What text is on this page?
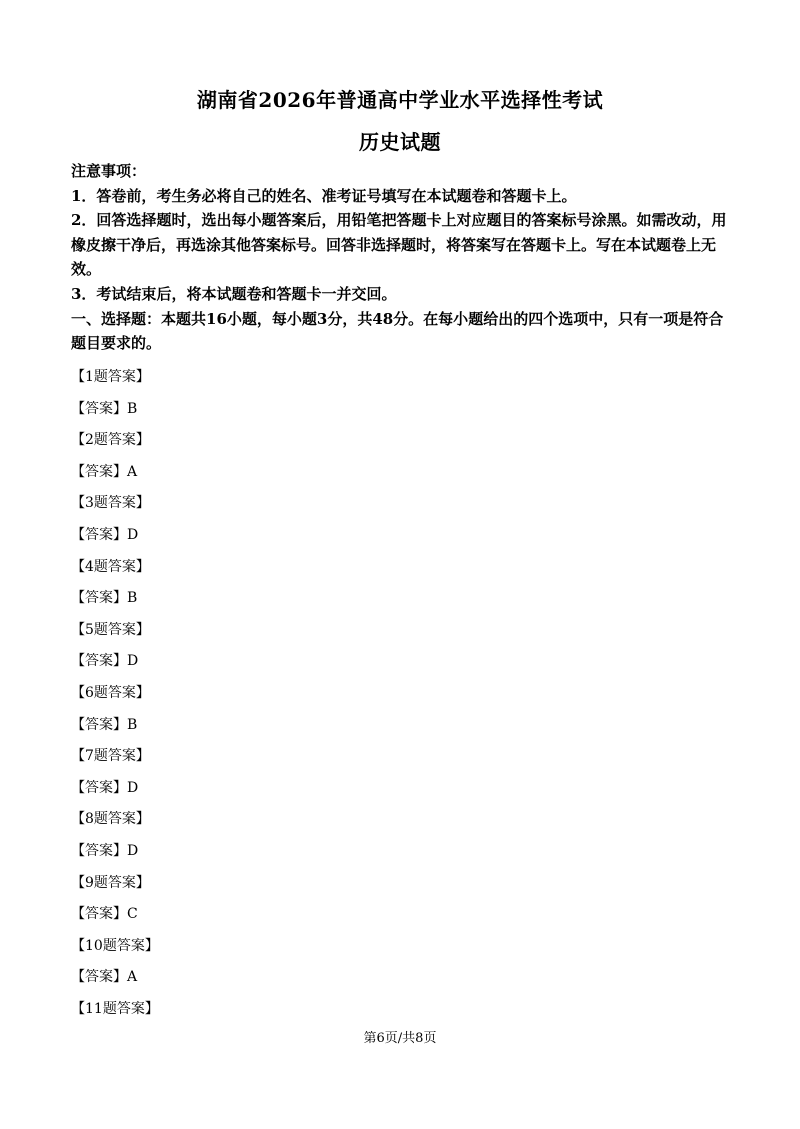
湖南省2026年普通高中学业水平选择性考试
历史试题

注意事项：

1．答卷前，考生务必将自己的姓名、准考证号填写在本试题卷和答题卡上。

2．回答选择题时，选出每小题答案后，用铅笔把答题卡上对应题目的答案标号涂黑。如需改动，用橡皮擦干净后，再选涂其他答案标号。回答非选择题时，将答案写在答题卡上。写在本试题卷上无效。

3．考试结束后，将本试题卷和答题卡一并交回。

一、选择题：本题共16小题，每小题3分，共48分。在每小题给出的四个选项中，只有一项是符合题目要求的。

【1题答案】
【答案】B
【2题答案】
【答案】A
【3题答案】
【答案】D
【4题答案】
【答案】B
【5题答案】
【答案】D
【6题答案】
【答案】B
【7题答案】
【答案】D
【8题答案】
【答案】D
【9题答案】
【答案】C
【10题答案】
【答案】A
【11题答案】
第6页/共8页
